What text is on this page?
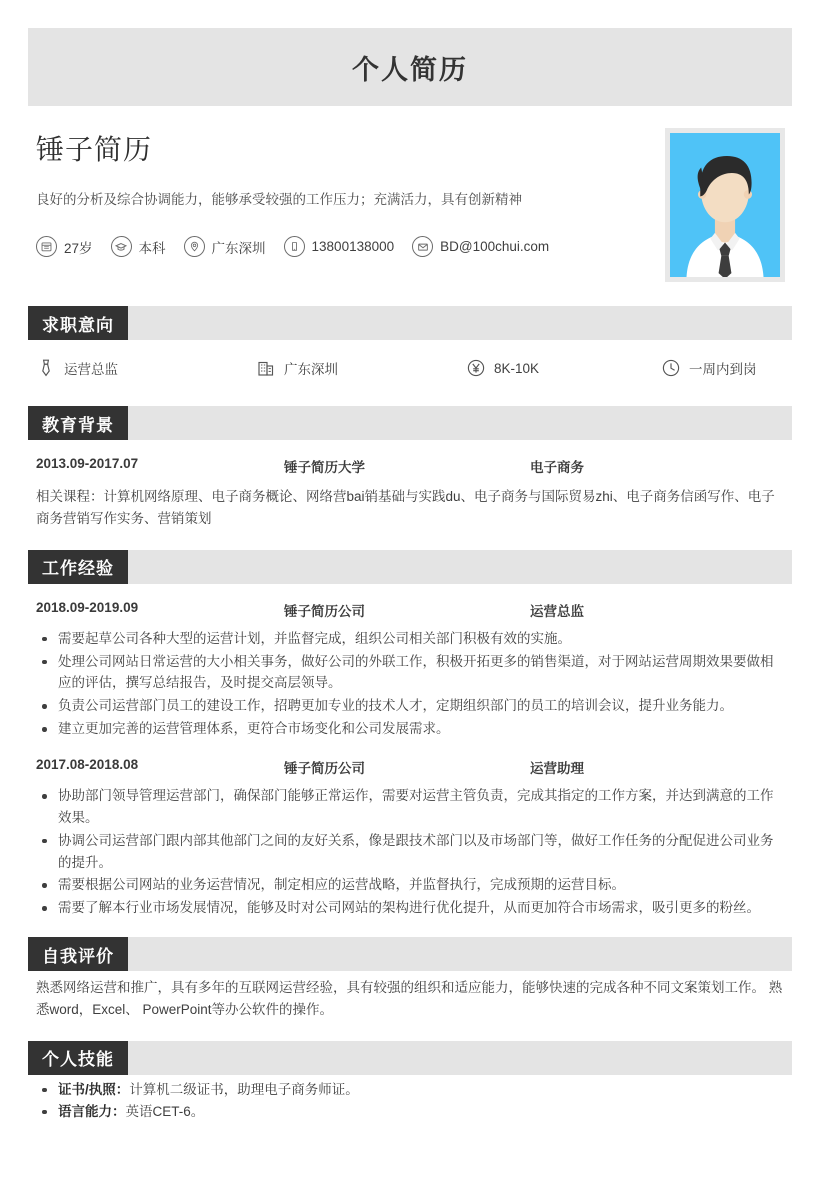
个人简历
锤子简历
良好的分析及综合协调能力，能够承受较强的工作压力；充满活力，具有创新精神
27岁	本科	广东深圳	13800138000	BD@100chui.com
求职意向
运营总监	广东深圳	8K-10K	一周内到岗
教育背景
2013.09-2017.07	锤子简历大学	电子商务

相关课程：计算机网络原理、电子商务概论、网络营bai销基础与实践du、电子商务与国际贸易zhi、电子商务信函写作、电子商务营销写作实务、营销策划

工作经验
2018.09-2019.09	锤子简历公司	运营总监
需要起草公司各种大型的运营计划，并监督完成，组织公司相关部门积极有效的实施。
处理公司网站日常运营的大小相关事务，做好公司的外联工作，积极开拓更多的销售渠道，对于网站运营周期效果要做相应的评估，撰写总结报告，及时提交高层领导。
负责公司运营部门员工的建设工作，招聘更加专业的技术人才，定期组织部门的员工的培训会议，提升业务能力。
建立更加完善的运营管理体系，更符合市场变化和公司发展需求。
2017.08-2018.08	锤子简历公司	运营助理
协助部门领导管理运营部门，确保部门能够正常运作，需要对运营主管负责，完成其指定的工作方案，并达到满意的工作效果。
协调公司运营部门跟内部其他部门之间的友好关系，像是跟技术部门以及市场部门等，做好工作任务的分配促进公司业务的提升。
需要根据公司网站的业务运营情况，制定相应的运营战略，并监督执行，完成预期的运营目标。
需要了解本行业市场发展情况，能够及时对公司网站的架构进行优化提升，从而更加符合市场需求，吸引更多的粉丝。
自我评价

熟悉网络运营和推广，具有多年的互联网运营经验，具有较强的组织和适应能力，能够快速的完成各种不同文案策划工作。 熟悉word，Excel、 PowerPoint等办公软件的操作。

个人技能
证书/执照：计算机二级证书，助理电子商务师证。
语言能力：英语CET-6。
